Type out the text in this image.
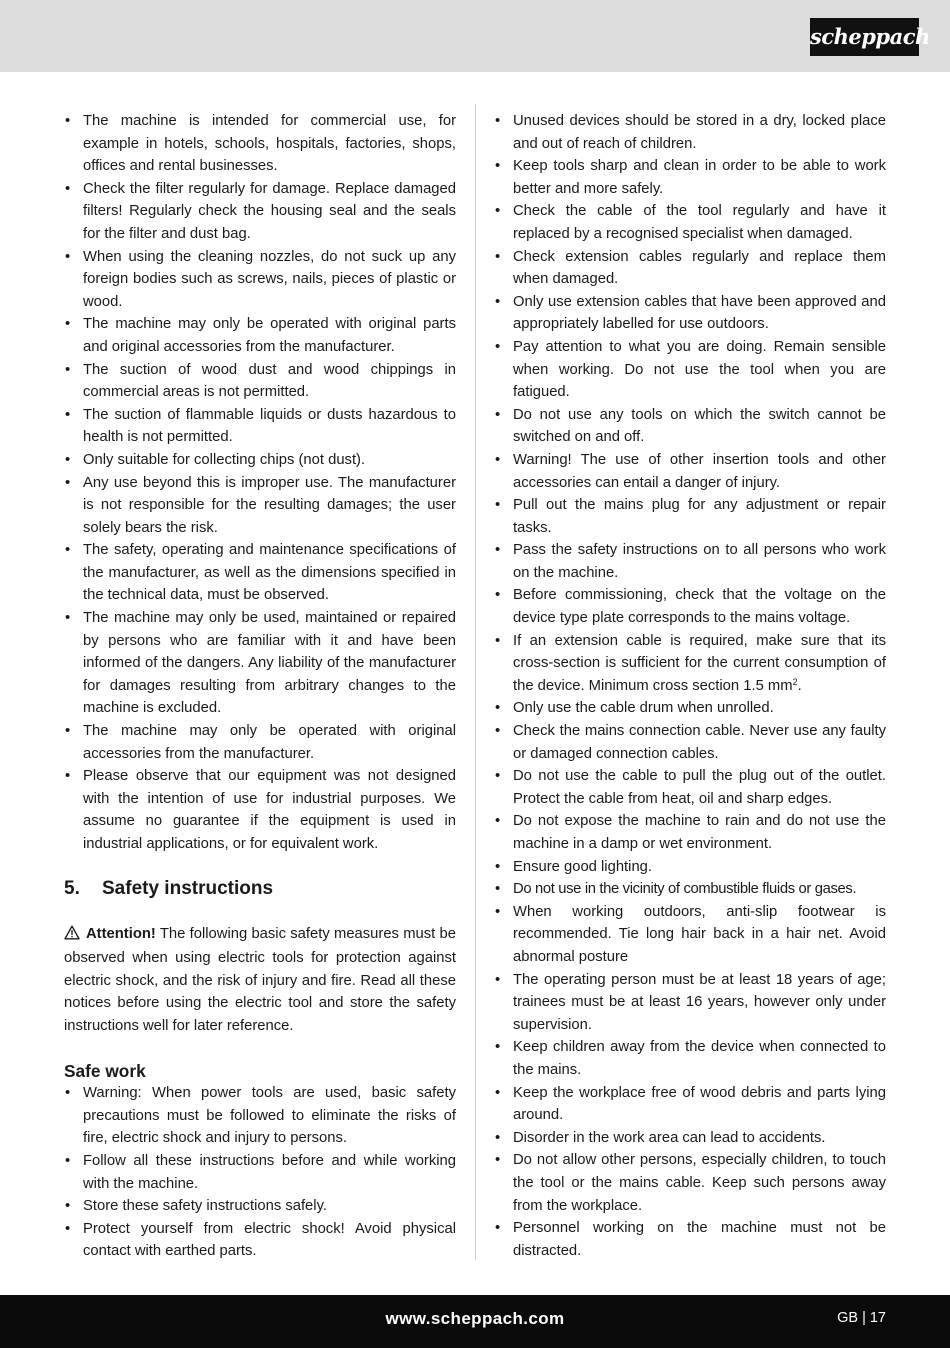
scheppach
• The machine is intended for commercial use, for example in hotels, schools, hospitals, factories, shops, offices and rental businesses.
• Check the filter regularly for damage. Replace damaged filters! Regularly check the housing seal and the seals for the filter and dust bag.
• When using the cleaning nozzles, do not suck up any foreign bodies such as screws, nails, pieces of plastic or wood.
• The machine may only be operated with original parts and original accessories from the manufacturer.
• The suction of wood dust and wood chippings in commercial areas is not permitted.
• The suction of flammable liquids or dusts hazardous to health is not permitted.
• Only suitable for collecting chips (not dust).
• Any use beyond this is improper use. The manufacturer is not responsible for the resulting damages; the user solely bears the risk.
• The safety, operating and maintenance specifications of the manufacturer, as well as the dimensions specified in the technical data, must be observed.
• The machine may only be used, maintained or repaired by persons who are familiar with it and have been informed of the dangers. Any liability of the manufacturer for damages resulting from arbitrary changes to the machine is excluded.
• The machine may only be operated with original accessories from the manufacturer.
• Please observe that our equipment was not designed with the intention of use for industrial purposes. We assume no guarantee if the equipment is used in industrial applications, or for equivalent work.
5.	Safety instructions

Attention! The following basic safety measures must be observed when using electric tools for protection against electric shock, and the risk of injury and fire. Read all these notices before using the electric tool and store the safety instructions well for later reference.

Safe work
• Warning: When power tools are used, basic safety precautions must be followed to eliminate the risks of fire, electric shock and injury to persons.
• Follow all these instructions before and while working with the machine.
• Store these safety instructions safely.
• Protect yourself from electric shock! Avoid physical contact with earthed parts.
• Unused devices should be stored in a dry, locked place and out of reach of children.
• Keep tools sharp and clean in order to be able to work better and more safely.
• Check the cable of the tool regularly and have it replaced by a recognised specialist when damaged.
• Check extension cables regularly and replace them when damaged.
• Only use extension cables that have been approved and appropriately labelled for use outdoors.
• Pay attention to what you are doing. Remain sensible when working. Do not use the tool when you are fatigued.
• Do not use any tools on which the switch cannot be switched on and off.
• Warning! The use of other insertion tools and other accessories can entail a danger of injury.
• Pull out the mains plug for any adjustment or repair tasks.
• Pass the safety instructions on to all persons who work on the machine.
• Before commissioning, check that the voltage on the device type plate corresponds to the mains voltage.
• If an extension cable is required, make sure that its cross-section is sufficient for the current consumption of the device. Minimum cross section 1.5 $mm^2$.
• Only use the cable drum when unrolled.
• Check the mains connection cable. Never use any faulty or damaged connection cables.
• Do not use the cable to pull the plug out of the outlet. Protect the cable from heat, oil and sharp edges.
• Do not expose the machine to rain and do not use the machine in a damp or wet environment.
• Ensure good lighting.
• Do not use in the vicinity of combustible fluids or gases.
• When working outdoors, anti-slip footwear is recommended. Tie long hair back in a hair net. Avoid abnormal posture
• The operating person must be at least 18 years of age; trainees must be at least 16 years, however only under supervision.
• Keep children away from the device when connected to the mains.
• Keep the workplace free of wood debris and parts lying around.
• Disorder in the work area can lead to accidents.
• Do not allow other persons, especially children, to touch the tool or the mains cable. Keep such persons away from the workplace.
• Personnel working on the machine must not be distracted.
www.scheppach.com	GB | 17
